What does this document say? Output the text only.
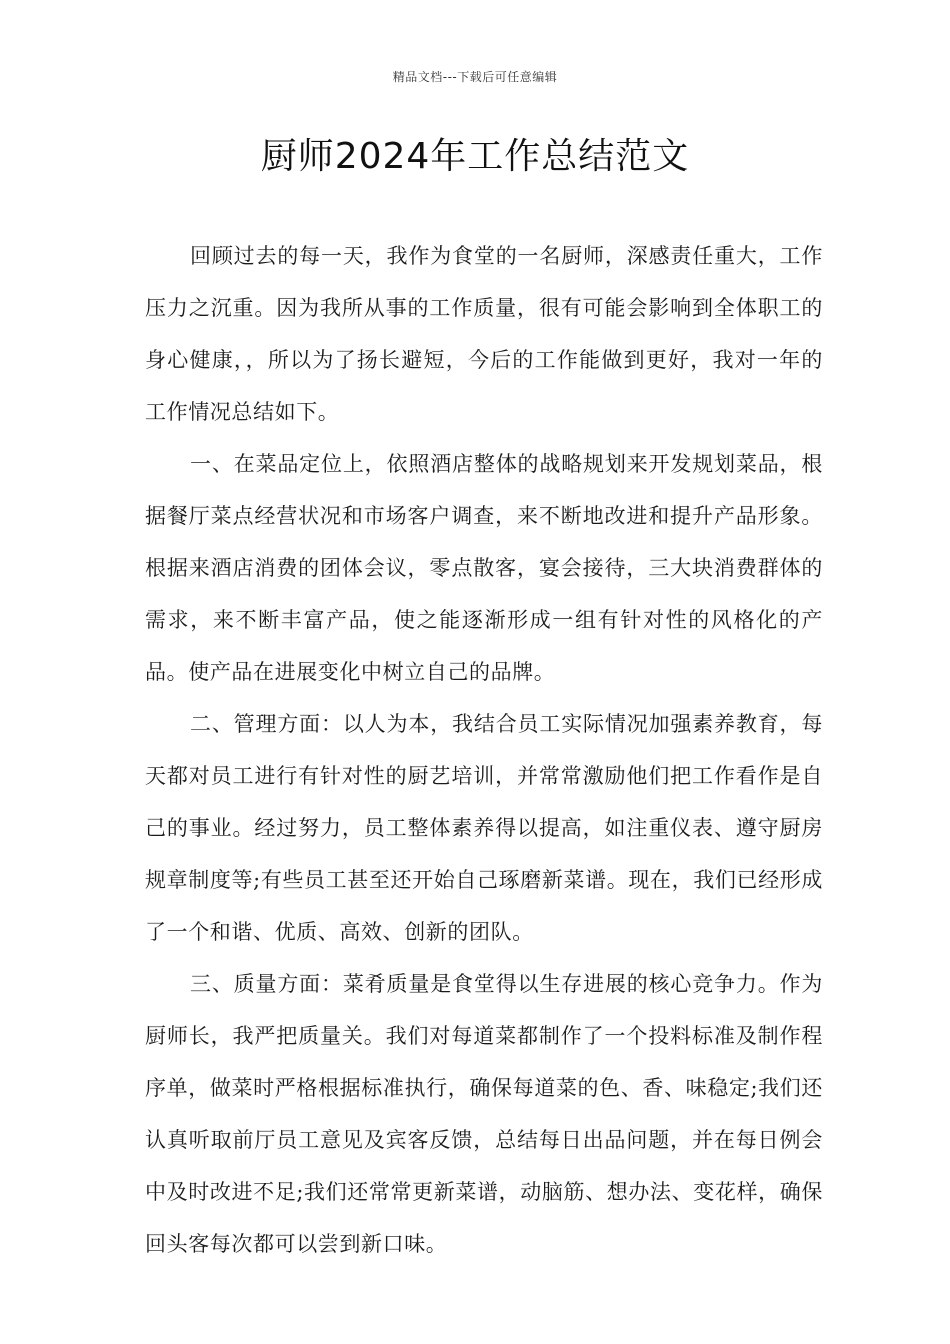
精品文档---下载后可任意编辑
厨师2024年工作总结范文

回顾过去的每一天，我作为食堂的一名厨师，深感责任重大，工作压力之沉重。因为我所从事的工作质量，很有可能会影响到全体职工的身心健康，，所以为了扬长避短，今后的工作能做到更好，我对一年的工作情况总结如下。

一、在菜品定位上，依照酒店整体的战略规划来开发规划菜品，根据餐厅菜点经营状况和市场客户调查，来不断地改进和提升产品形象。根据来酒店消费的团体会议，零点散客，宴会接待，三大块消费群体的需求，来不断丰富产品，使之能逐渐形成一组有针对性的风格化的产品。使产品在进展变化中树立自己的品牌。

二、管理方面：以人为本，我结合员工实际情况加强素养教育，每天都对员工进行有针对性的厨艺培训，并常常激励他们把工作看作是自己的事业。经过努力，员工整体素养得以提高，如注重仪表、遵守厨房规章制度等;有些员工甚至还开始自己琢磨新菜谱。现在，我们已经形成了一个和谐、优质、高效、创新的团队。

三、质量方面：菜肴质量是食堂得以生存进展的核心竞争力。作为厨师长，我严把质量关。我们对每道菜都制作了一个投料标准及制作程序单，做菜时严格根据标准执行，确保每道菜的色、香、味稳定;我们还认真听取前厅员工意见及宾客反馈，总结每日出品问题，并在每日例会中及时改进不足;我们还常常更新菜谱，动脑筋、想办法、变花样，确保回头客每次都可以尝到新口味。
